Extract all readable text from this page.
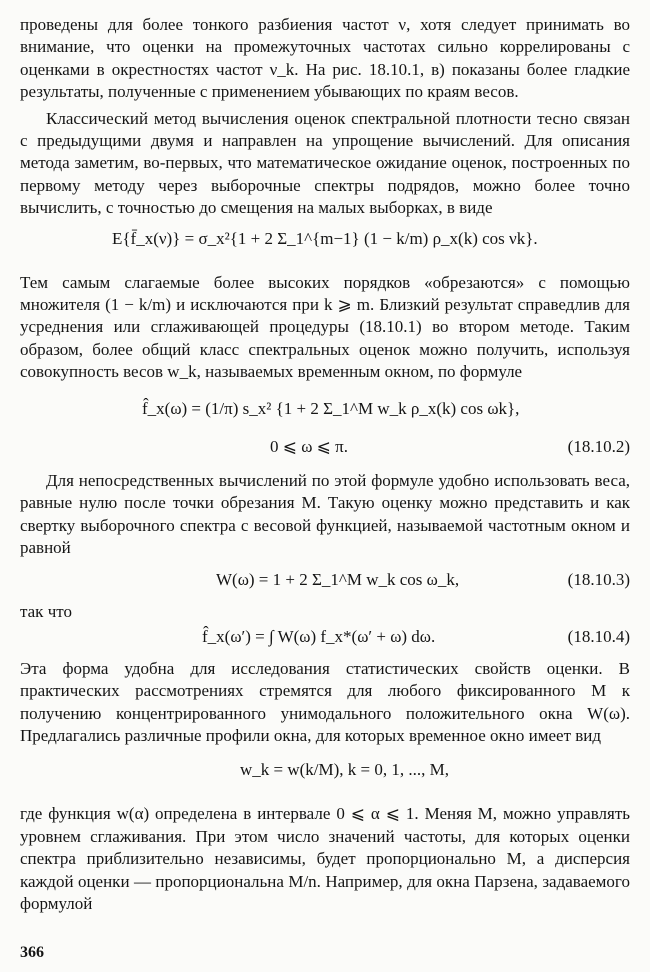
проведены для более тонкого разбиения частот ν, хотя следует принимать во внимание, что оценки на промежуточных частотах сильно коррелированы с оценками в окрестностях частот ν_k. На рис. 18.10.1, в) показаны более гладкие результаты, полученные с применением убывающих по краям весов.

Классический метод вычисления оценок спектральной плотности тесно связан с предыдущими двумя и направлен на упрощение вычислений. Для описания метода заметим, во-первых, что математическое ожидание оценок, построенных по первому методу через выборочные спектры подрядов, можно более точно вычислить, с точностью до смещения на малых выборках, в виде

E{f̄_x(ν)} = σ_x²{1 + 2 Σ_1^{m−1} (1 − k/m) ρ_x(k) cos νk}.

Тем самым слагаемые более высоких порядков «обрезаются» с помощью множителя (1 − k/m) и исключаются при k ⩾ m. Близкий результат справедлив для усреднения или сглаживающей процедуры (18.10.1) во втором методе. Таким образом, более общий класс спектральных оценок можно получить, используя совокупность весов w_k, называемых временным окном, по формуле

f̂_x(ω) = (1/π) s_x² {1 + 2 Σ_1^M w_k ρ_x(k) cos ωk},
0 ⩽ ω ⩽ π.	(18.10.2)

Для непосредственных вычислений по этой формуле удобно использовать веса, равные нулю после точки обрезания M. Такую оценку можно представить и как свертку выборочного спектра с весовой функцией, называемой частотным окном и равной

W(ω) = 1 + 2 Σ_1^M w_k cos ω_k,	(18.10.3)

так что

f̂_x(ω′) = ∫ W(ω) f_x*(ω′ + ω) dω.	(18.10.4)

Эта форма удобна для исследования статистических свойств оценки. В практических рассмотрениях стремятся для любого фиксированного M к получению концентрированного унимодального положительного окна W(ω). Предлагались различные профили окна, для которых временное окно имеет вид

w_k = w(k/M), k = 0, 1, ..., M,

где функция w(α) определена в интервале 0 ⩽ α ⩽ 1. Меняя M, можно управлять уровнем сглаживания. При этом число значений частоты, для которых оценки спектра приблизительно независимы, будет пропорционально M, а дисперсия каждой оценки — пропорциональна M/n. Например, для окна Парзена, задаваемого формулой

366
